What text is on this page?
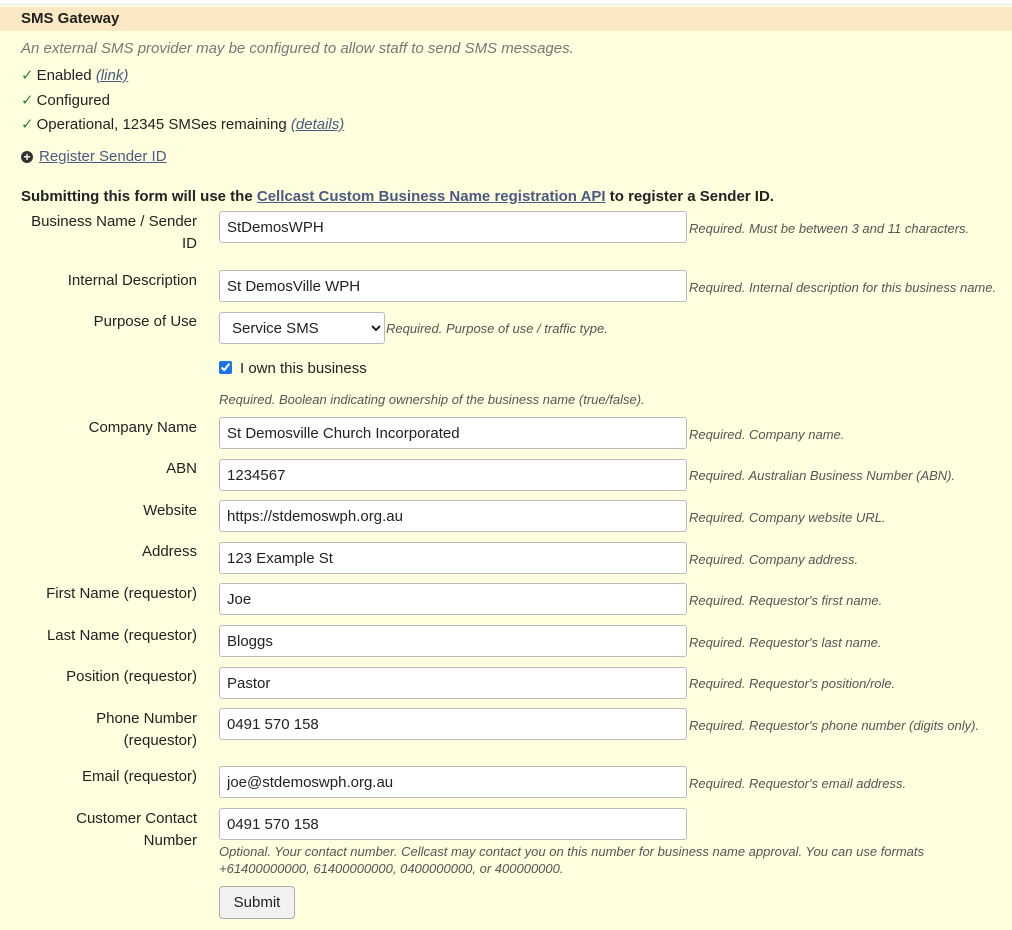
SMS Gateway
An external SMS provider may be configured to allow staff to send SMS messages.
✓ Enabled (link)
✓ Configured
✓ Operational, 12345 SMSes remaining (details)
+ Register Sender ID
Submitting this form will use the Cellcast Custom Business Name registration API to register a Sender ID.
Business Name / Sender ID
StDemosWPH
Required. Must be between 3 and 11 characters.
Internal Description
St DemosVille WPH	Required. Internal description for this business name.
Purpose of Use
Service SMS	Required. Purpose of use / traffic type.
I own this business
Required. Boolean indicating ownership of the business name (true/false).
Company Name
St Demosville Church Incorporated	Required. Company name.
ABN
1234567	Required. Australian Business Number (ABN).
Website
https://stdemoswph.org.au	Required. Company website URL.
Address
123 Example St	Required. Company address.
First Name (requestor)
Joe	Required. Requestor's first name.
Last Name (requestor)
Bloggs	Required. Requestor's last name.
Position (requestor)
Pastor	Required. Requestor's position/role.
Phone Number (requestor)
0491 570 158
Required. Requestor's phone number (digits only).
Email (requestor)
joe@stdemoswph.org.au	Required. Requestor's email address.
Customer Contact Number
0491 570 158
Optional. Your contact number. Cellcast may contact you on this number for business name approval. You can use formats
+61400000000, 61400000000, 0400000000, or 400000000.
Submit
